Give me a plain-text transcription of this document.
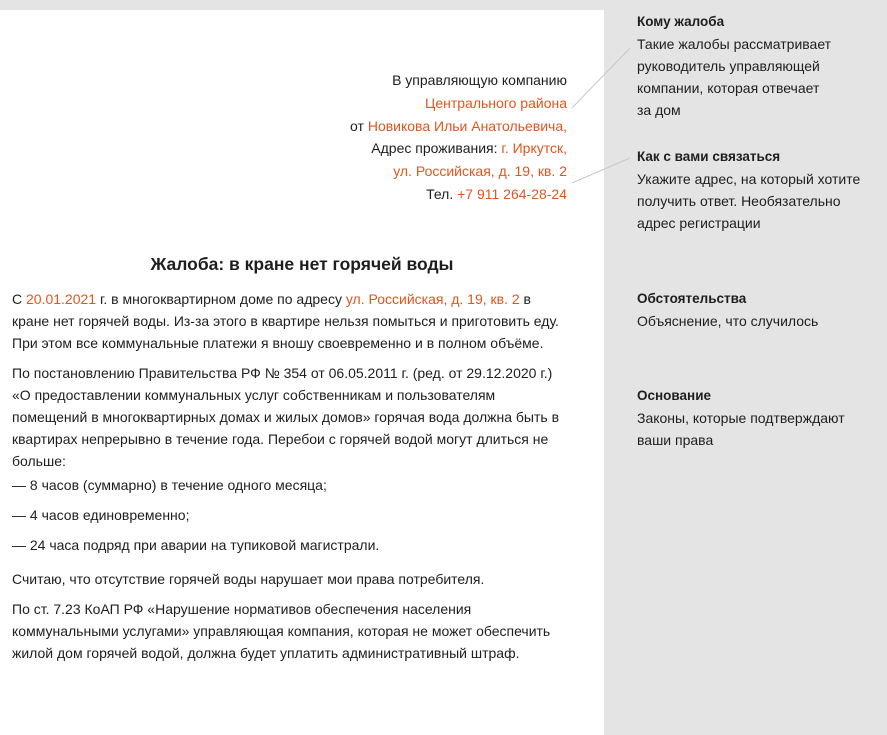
В управляющую компанию
Центрального района
от Новикова Ильи Анатольевича,
Адрес проживания: г. Иркутск,
ул. Российская, д. 19, кв. 2
Тел. +7 911 264-28-24
Жалоба: в кране нет горячей воды

С 20.01.2021 г. в многоквартирном доме по адресу ул. Российская, д. 19, кв. 2 в кране нет горячей воды. Из-за этого в квартире нельзя помыться и приготовить еду. При этом все коммунальные платежи я вношу своевременно и в полном объёме.

По постановлению Правительства РФ № 354 от 06.05.2011 г. (ред. от 29.12.2020 г.) «О предоставлении коммунальных услуг собственникам и пользователям помещений в многоквартирных домах и жилых домов» горячая вода должна быть в квартирах непрерывно в течение года. Перебои с горячей водой могут длиться не больше:

— 8 часов (суммарно) в течение одного месяца;

— 4 часов единовременно;

— 24 часа подряд при аварии на тупиковой магистрали.

Считаю, что отсутствие горячей воды нарушает мои права потребителя.

По ст. 7.23 КоАП РФ «Нарушение нормативов обеспечения населения коммунальными услугами» управляющая компания, которая не может обеспечить жилой дом горячей водой, должна будет уплатить административный штраф.

Кому жалоба
Такие жалобы рассматривает руководитель управляющей компании, которая отвечает за дом
Как с вами связаться
Укажите адрес, на который хотите получить ответ. Необязательно адрес регистрации
Обстоятельства
Объяснение, что случилось
Основание
Законы, которые подтверждают ваши права
